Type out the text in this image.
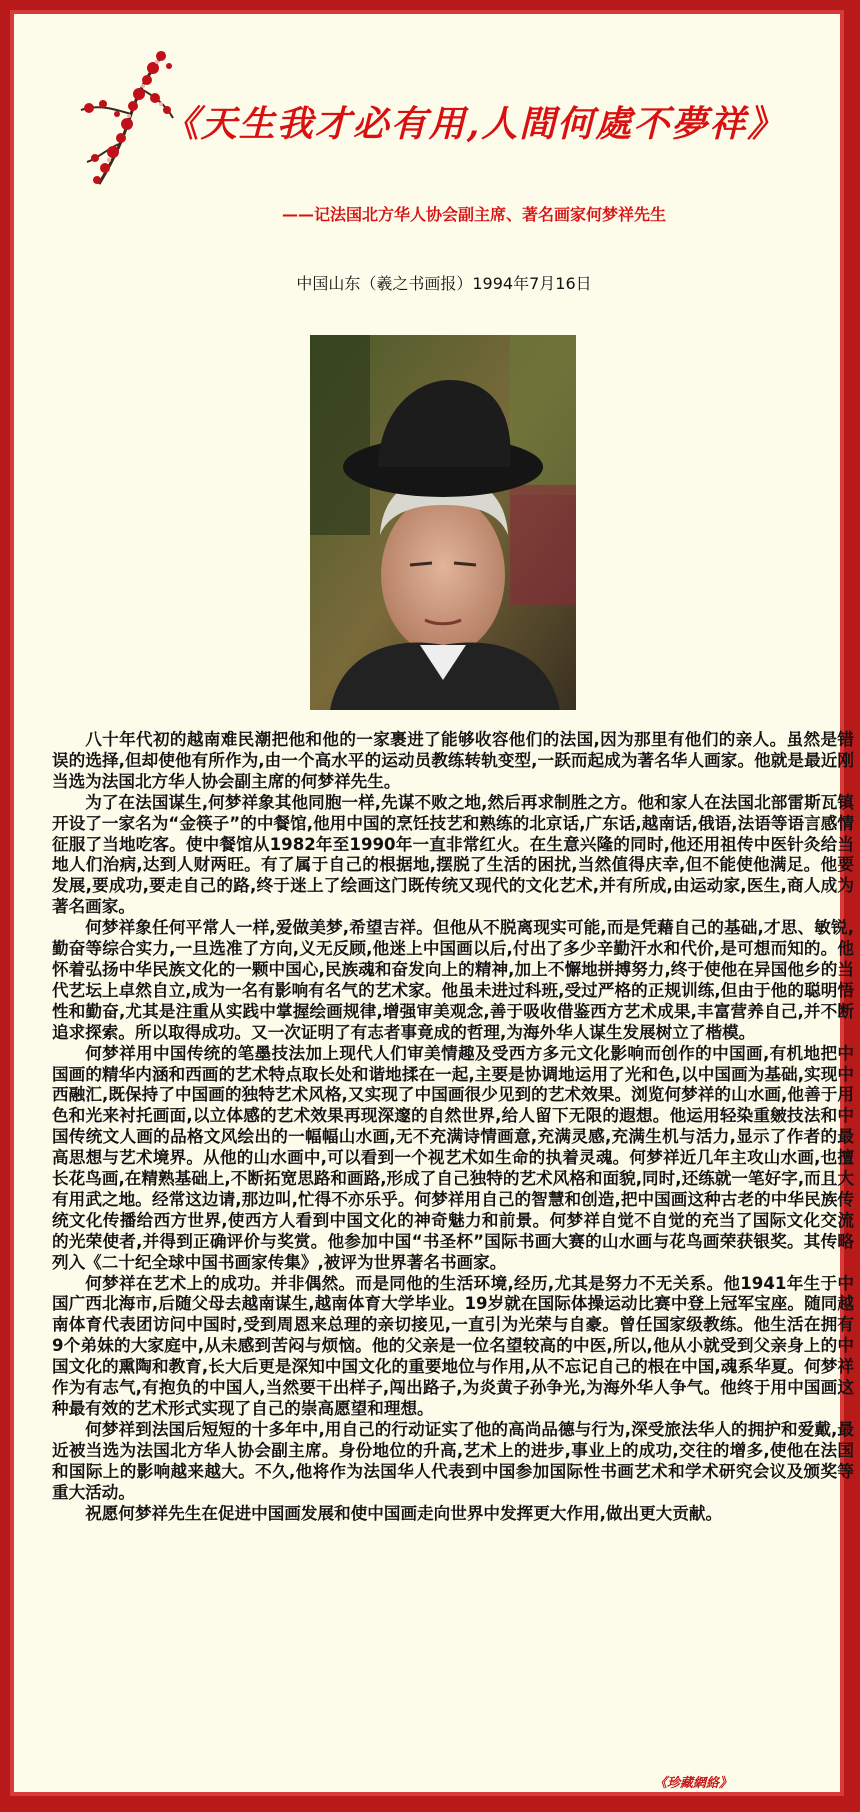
《天生我才必有用,人間何處不夢祥》
——记法国北方华人协会副主席、著名画家何梦祥先生
中国山东（羲之书画报）1994年7月16日

八十年代初的越南难民潮把他和他的一家裹进了能够收容他们的法国,因为那里有他们的亲人。虽然是错误的选择,但却使他有所作为,由一个高水平的运动员教练转轨变型,一跃而起成为著名华人画家。他就是最近刚当选为法国北方华人协会副主席的何梦祥先生。

为了在法国谋生,何梦祥象其他同胞一样,先谋不败之地,然后再求制胜之方。他和家人在法国北部雷斯瓦镇开设了一家名为“金筷子”的中餐馆,他用中国的烹饪技艺和熟练的北京话,广东话,越南话,俄语,法语等语言感情征服了当地吃客。使中餐馆从1982年至1990年一直非常红火。在生意兴隆的同时,他还用祖传中医针灸给当地人们治病,达到人财两旺。有了属于自己的根据地,摆脱了生活的困扰,当然值得庆幸,但不能使他满足。他要发展,要成功,要走自己的路,终于迷上了绘画这门既传统又现代的文化艺术,并有所成,由运动家,医生,商人成为著名画家。

何梦祥象任何平常人一样,爱做美梦,希望吉祥。但他从不脱离现实可能,而是凭藉自己的基础,才思、敏锐,勤奋等综合实力,一旦选准了方向,义无反顾,他迷上中国画以后,付出了多少辛勤汗水和代价,是可想而知的。他怀着弘扬中华民族文化的一颗中国心,民族魂和奋发向上的精神,加上不懈地拼搏努力,终于使他在异国他乡的当代艺坛上卓然自立,成为一名有影响有名气的艺术家。他虽未进过科班,受过严格的正规训练,但由于他的聪明悟性和勤奋,尤其是注重从实践中掌握绘画规律,增强审美观念,善于吸收借鉴西方艺术成果,丰富营养自己,并不断追求探索。所以取得成功。又一次证明了有志者事竟成的哲理,为海外华人谋生发展树立了楷模。

何梦祥用中国传统的笔墨技法加上现代人们审美情趣及受西方多元文化影响而创作的中国画,有机地把中国画的精华内涵和西画的艺术特点取长处和谐地揉在一起,主要是协调地运用了光和色,以中国画为基础,实现中西融汇,既保持了中国画的独特艺术风格,又实现了中国画很少见到的艺术效果。浏览何梦祥的山水画,他善于用色和光来衬托画面,以立体感的艺术效果再现深邃的自然世界,给人留下无限的遐想。他运用轻染重皴技法和中国传统文人画的品格文风绘出的一幅幅山水画,无不充满诗情画意,充满灵感,充满生机与活力,显示了作者的最高思想与艺术境界。从他的山水画中,可以看到一个视艺术如生命的执着灵魂。何梦祥近几年主攻山水画,也擅长花鸟画,在精熟基础上,不断拓宽思路和画路,形成了自己独特的艺术风格和面貌,同时,还练就一笔好字,而且大有用武之地。经常这边请,那边叫,忙得不亦乐乎。何梦祥用自己的智慧和创造,把中国画这种古老的中华民族传统文化传播给西方世界,使西方人看到中国文化的神奇魅力和前景。何梦祥自觉不自觉的充当了国际文化交流的光荣使者,并得到正确评价与奖赏。他参加中国“书圣杯”国际书画大赛的山水画与花鸟画荣获银奖。其传略列入《二十纪全球中国书画家传集》,被评为世界著名书画家。

何梦祥在艺术上的成功。并非偶然。而是同他的生活环境,经历,尤其是努力不无关系。他1941年生于中国广西北海市,后随父母去越南谋生,越南体育大学毕业。19岁就在国际体操运动比赛中登上冠军宝座。随同越南体育代表团访问中国时,受到周恩来总理的亲切接见,一直引为光荣与自豪。曾任国家级教练。他生活在拥有9个弟妹的大家庭中,从未感到苦闷与烦恼。他的父亲是一位名望较高的中医,所以,他从小就受到父亲身上的中国文化的熏陶和教育,长大后更是深知中国文化的重要地位与作用,从不忘记自己的根在中国,魂系华夏。何梦祥作为有志气,有抱负的中国人,当然要干出样子,闯出路子,为炎黄子孙争光,为海外华人争气。他终于用中国画这种最有效的艺术形式实现了自己的崇高愿望和理想。

何梦祥到法国后短短的十多年中,用自己的行动证实了他的高尚品德与行为,深受旅法华人的拥护和爱戴,最近被当选为法国北方华人协会副主席。身份地位的升高,艺术上的进步,事业上的成功,交往的增多,使他在法国和国际上的影响越来越大。不久,他将作为法国华人代表到中国参加国际性书画艺术和学术研究会议及颁奖等重大活动。

祝愿何梦祥先生在促进中国画发展和使中国画走向世界中发挥更大作用,做出更大贡献。

《珍藏網絡》
